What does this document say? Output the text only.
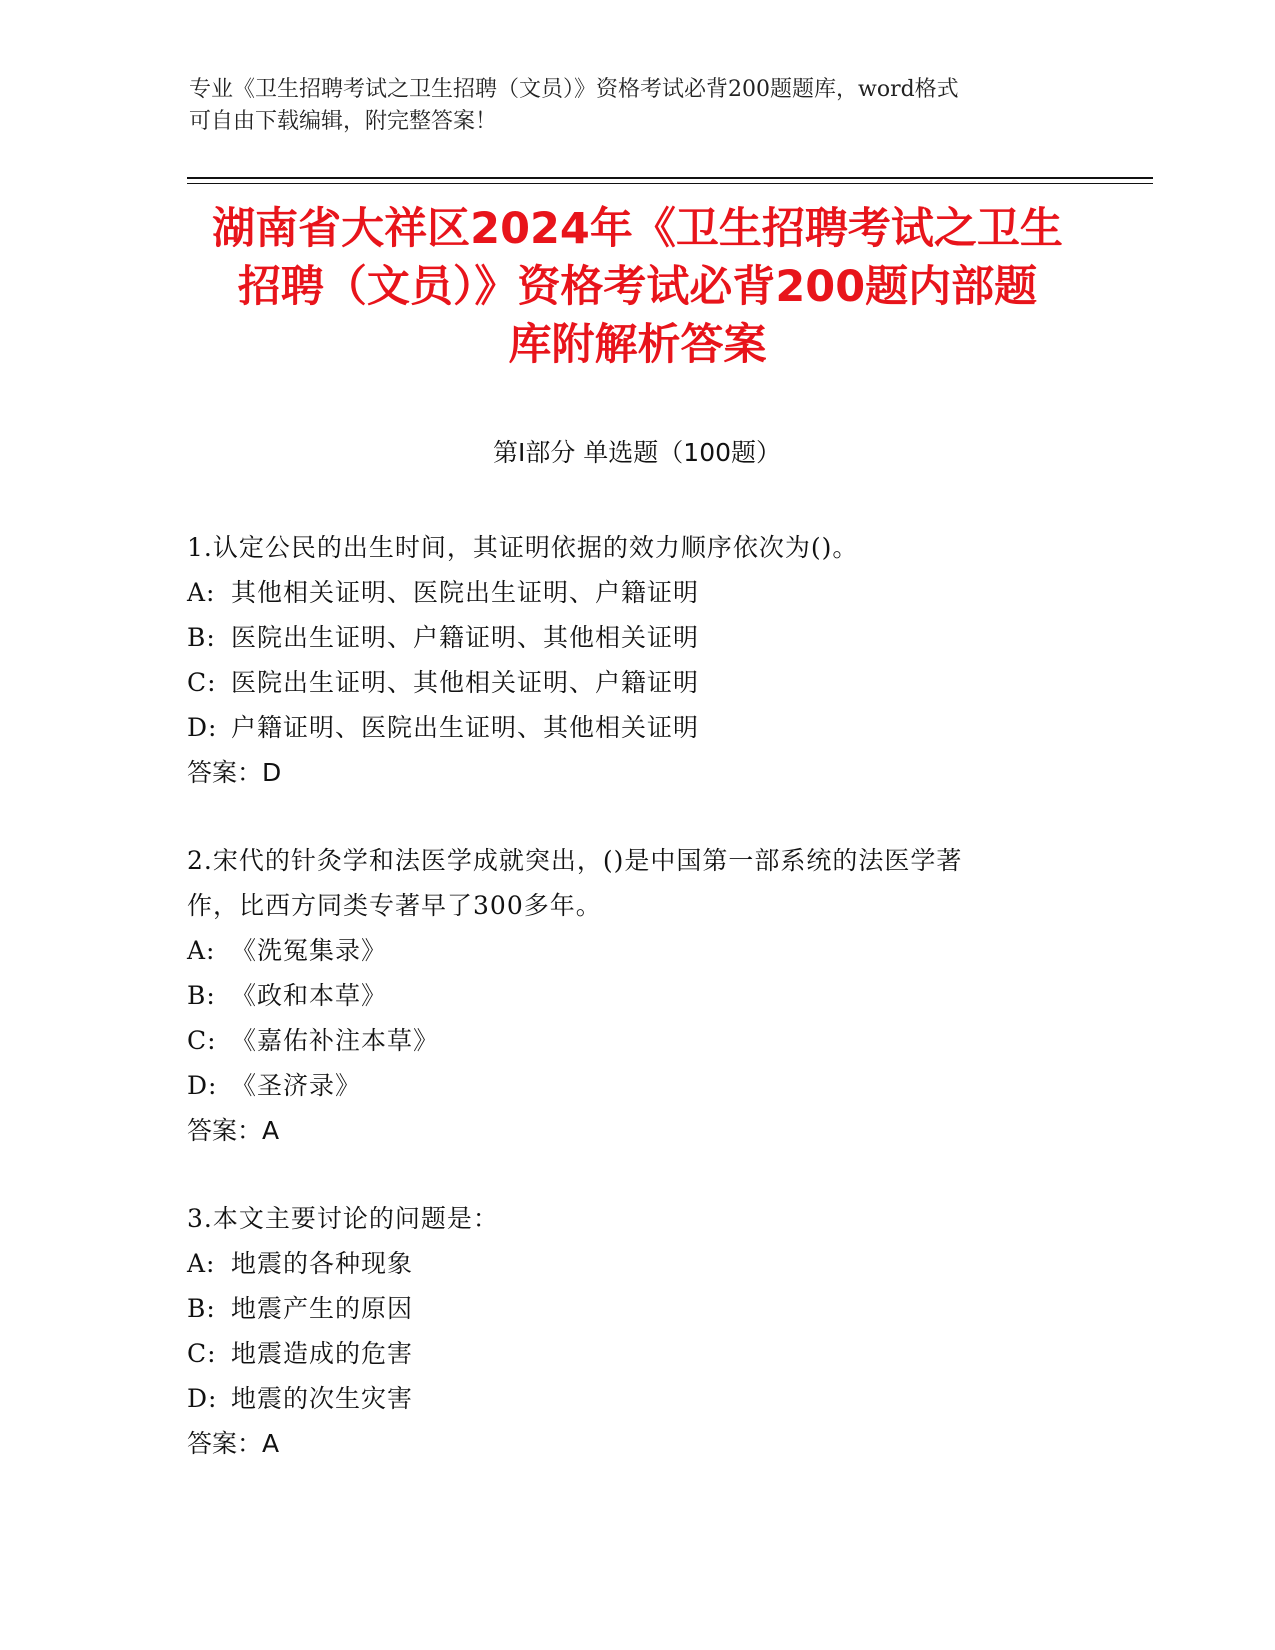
专业《卫生招聘考试之卫生招聘（文员）》资格考试必背200题题库，word格式
可自由下载编辑，附完整答案！
湖南省大祥区2024年《卫生招聘考试之卫生
招聘（文员）》资格考试必背200题内部题
库附解析答案
第Ⅰ部分 单选题（100题）
1.认定公民的出生时间，其证明依据的效力顺序依次为()。
A: 其他相关证明、医院出生证明、户籍证明
B: 医院出生证明、户籍证明、其他相关证明
C: 医院出生证明、其他相关证明、户籍证明
D: 户籍证明、医院出生证明、其他相关证明
答案：D
2.宋代的针灸学和法医学成就突出，()是中国第一部系统的法医学著
作，比西方同类专著早了300多年。
A: 《洗冤集录》
B: 《政和本草》
C: 《嘉佑补注本草》
D: 《圣济录》
答案：A
3.本文主要讨论的问题是：
A: 地震的各种现象
B: 地震产生的原因
C: 地震造成的危害
D: 地震的次生灾害
答案：A
